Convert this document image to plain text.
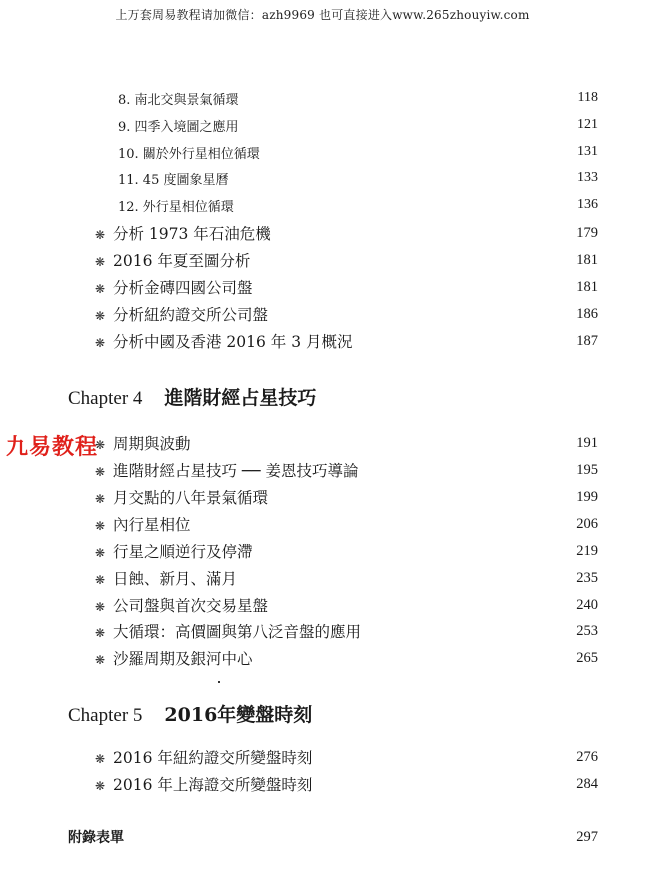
上万套周易教程请加微信：azh9969 也可直接进入www.265zhouyiw.com
8. 南北交與景氣循環	118
9. 四季入境圖之應用	121
10. 關於外行星相位循環	131
11. 45 度圖象星曆	133
12. 外行星相位循環	136
❋ 分析 1973 年石油危機	179
❋ 2016 年夏至圖分析	181
❋ 分析金磚四國公司盤	181
❋ 分析紐約證交所公司盤	186
❋ 分析中國及香港 2016 年 3 月概況	187
Chapter 4 進階財經占星技巧
九易教程
❋ 周期與波動	191
❋ 進階財經占星技巧 ── 姜恩技巧導論	195
❋ 月交點的八年景氣循環	199
❋ 內行星相位	206
❋ 行星之順逆行及停滯	219
❋ 日蝕、新月、滿月	235
❋ 公司盤與首次交易星盤	240
❋ 大循環：高價圖與第八泛音盤的應用	253
❋ 沙羅周期及銀河中心	265
Chapter 5 2016年變盤時刻
❋ 2016 年紐約證交所變盤時刻	276
❋ 2016 年上海證交所變盤時刻	284
附錄表單	297
